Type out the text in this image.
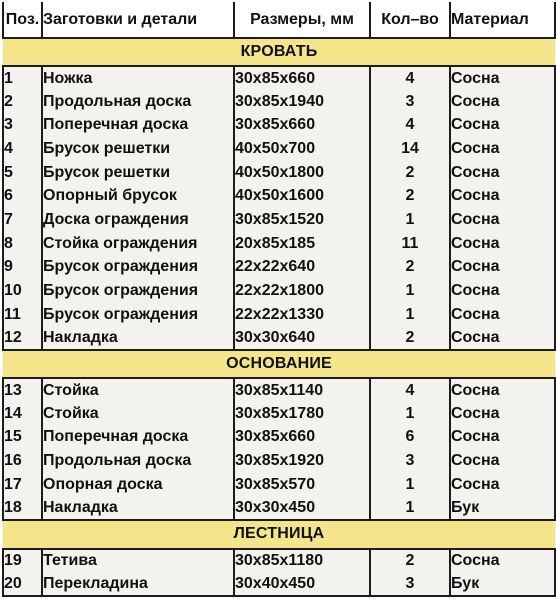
Поз.	Заготовки и детали	Размеры, мм	Кол–во	Материал
КРОВАТЬ				
1	Ножка	30x85x660	4	Сосна
2	Продольная доска	30x85x1940	3	Сосна
3	Поперечная доска	30x85x660	4	Сосна
4	Брусок решетки	40x50x700	14	Сосна
5	Брусок решетки	40x50x1800	2	Сосна
6	Опорный брусок	40x50x1600	2	Сосна
7	Доска ограждения	30x85x1520	1	Сосна
8	Стойка ограждения	20x85x185	11	Сосна
9	Брусок ограждения	22x22x640	2	Сосна
10	Брусок ограждения	22x22x1800	1	Сосна
11	Брусок ограждения	22x22x1330	1	Сосна
12	Накладка	30x30x640	2	Сосна
ОСНОВАНИЕ				
13	Стойка	30x85x1140	4	Сосна
14	Стойка	30x85x1780	1	Сосна
15	Поперечная доска	30x85x660	6	Сосна
16	Продольная доска	30x85x1920	3	Сосна
17	Опорная доска	30x85x570	1	Сосна
18	Накладка	30x30x450	1	Бук
ЛЕСТНИЦА				
19	Тетива	30x85x1180	2	Сосна
20	Перекладина	30x40x450	3	Бук
